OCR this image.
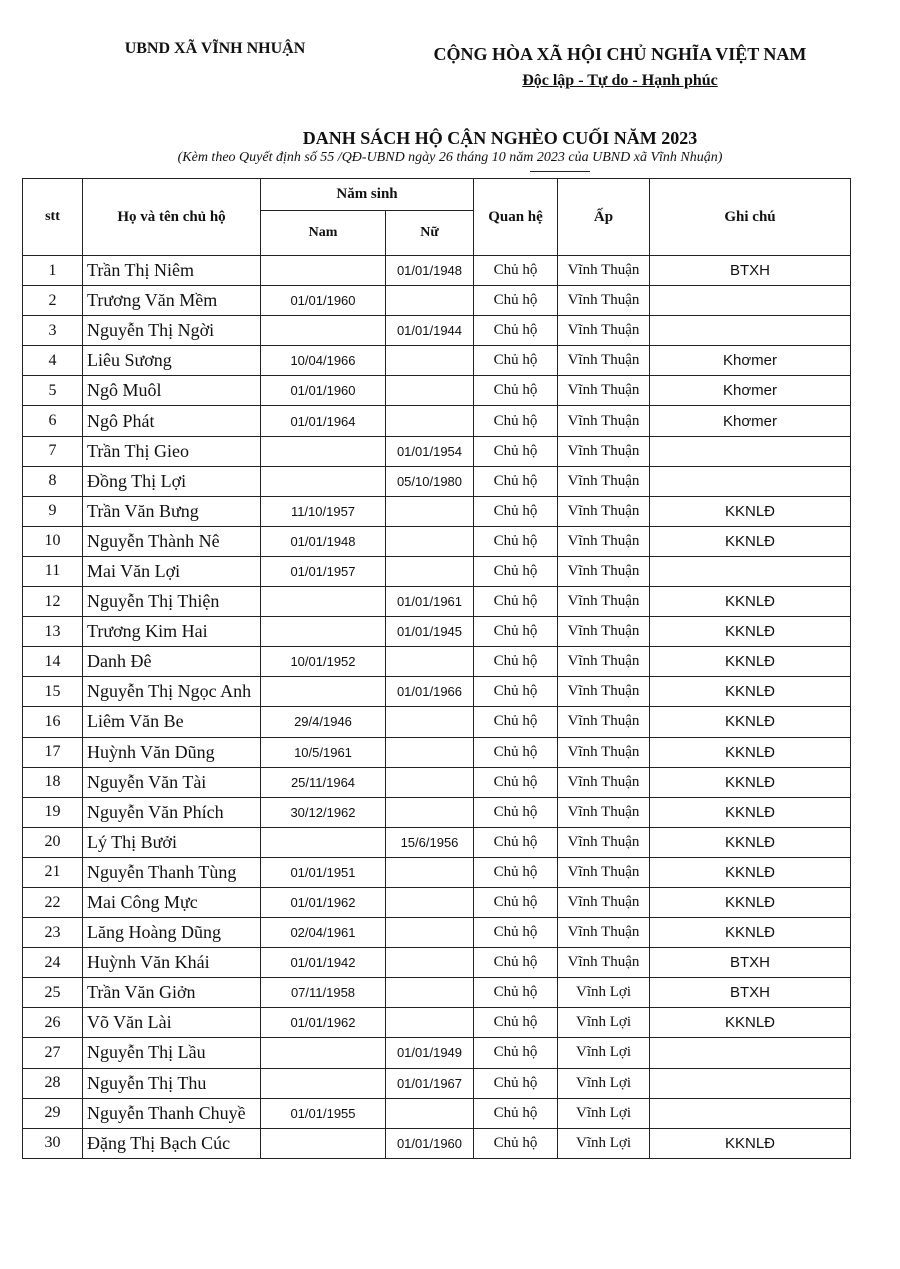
UBND XÃ VĨNH NHUẬN	CỘNG HÒA XÃ HỘI CHỦ NGHĨA VIỆT NAM
Độc lập - Tự do - Hạnh phúc
DANH SÁCH HỘ CẬN NGHÈO CUỐI NĂM 2023
(Kèm theo Quyết định số 55 /QĐ-UBND ngày 26 tháng 10 năm 2023 của UBND xã Vĩnh Nhuận)
stt	Họ và tên chủ hộ	Năm sinh		Quan hệ	Ấp	Ghi chú
		Nam	Nữ			
1	Trần Thị Niêm		01/01/1948	Chủ hộ	Vĩnh Thuận	BTXH
2	Trương Văn Mềm	01/01/1960		Chủ hộ	Vĩnh Thuận	
3	Nguyễn Thị Ngời		01/01/1944	Chủ hộ	Vĩnh Thuận	
4	Liêu Sương	10/04/1966		Chủ hộ	Vĩnh Thuận	Khơmer
5	Ngô Muôl	01/01/1960		Chủ hộ	Vĩnh Thuận	Khơmer
6	Ngô Phát	01/01/1964		Chủ hộ	Vĩnh Thuận	Khơmer
7	Trần Thị Gieo		01/01/1954	Chủ hộ	Vĩnh Thuận	
8	Đồng Thị Lợi		05/10/1980	Chủ hộ	Vĩnh Thuận	
9	Trần Văn Bưng	11/10/1957		Chủ hộ	Vĩnh Thuận	KKNLĐ
10	Nguyễn Thành Nê	01/01/1948		Chủ hộ	Vĩnh Thuận	KKNLĐ
11	Mai Văn Lợi	01/01/1957		Chủ hộ	Vĩnh Thuận	
12	Nguyễn Thị Thiện		01/01/1961	Chủ hộ	Vĩnh Thuận	KKNLĐ
13	Trương Kim Hai		01/01/1945	Chủ hộ	Vĩnh Thuận	KKNLĐ
14	Danh Đê	10/01/1952		Chủ hộ	Vĩnh Thuận	KKNLĐ
15	Nguyễn Thị Ngọc Anh		01/01/1966	Chủ hộ	Vĩnh Thuận	KKNLĐ
16	Liêm Văn Be	29/4/1946		Chủ hộ	Vĩnh Thuận	KKNLĐ
17	Huỳnh Văn Dũng	10/5/1961		Chủ hộ	Vĩnh Thuận	KKNLĐ
18	Nguyễn Văn Tài	25/11/1964		Chủ hộ	Vĩnh Thuận	KKNLĐ
19	Nguyễn Văn Phích	30/12/1962		Chủ hộ	Vĩnh Thuận	KKNLĐ
20	Lý Thị Bưởi		15/6/1956	Chủ hộ	Vĩnh Thuận	KKNLĐ
21	Nguyễn Thanh Tùng	01/01/1951		Chủ hộ	Vĩnh Thuận	KKNLĐ
22	Mai Công Mực	01/01/1962		Chủ hộ	Vĩnh Thuận	KKNLĐ
23	Lăng Hoàng Dũng	02/04/1961		Chủ hộ	Vĩnh Thuận	KKNLĐ
24	Huỳnh Văn Khái	01/01/1942		Chủ hộ	Vĩnh Thuận	BTXH
25	Trần Văn Giởn	07/11/1958		Chủ hộ	Vĩnh Lợi	BTXH
26	Võ Văn Lài	01/01/1962		Chủ hộ	Vĩnh Lợi	KKNLĐ
27	Nguyễn Thị Lầu		01/01/1949	Chủ hộ	Vĩnh Lợi	
28	Nguyễn Thị Thu		01/01/1967	Chủ hộ	Vĩnh Lợi	
29	Nguyễn Thanh Chuyề	01/01/1955		Chủ hộ	Vĩnh Lợi	
30	Đặng Thị Bạch Cúc		01/01/1960	Chủ hộ	Vĩnh Lợi	KKNLĐ
